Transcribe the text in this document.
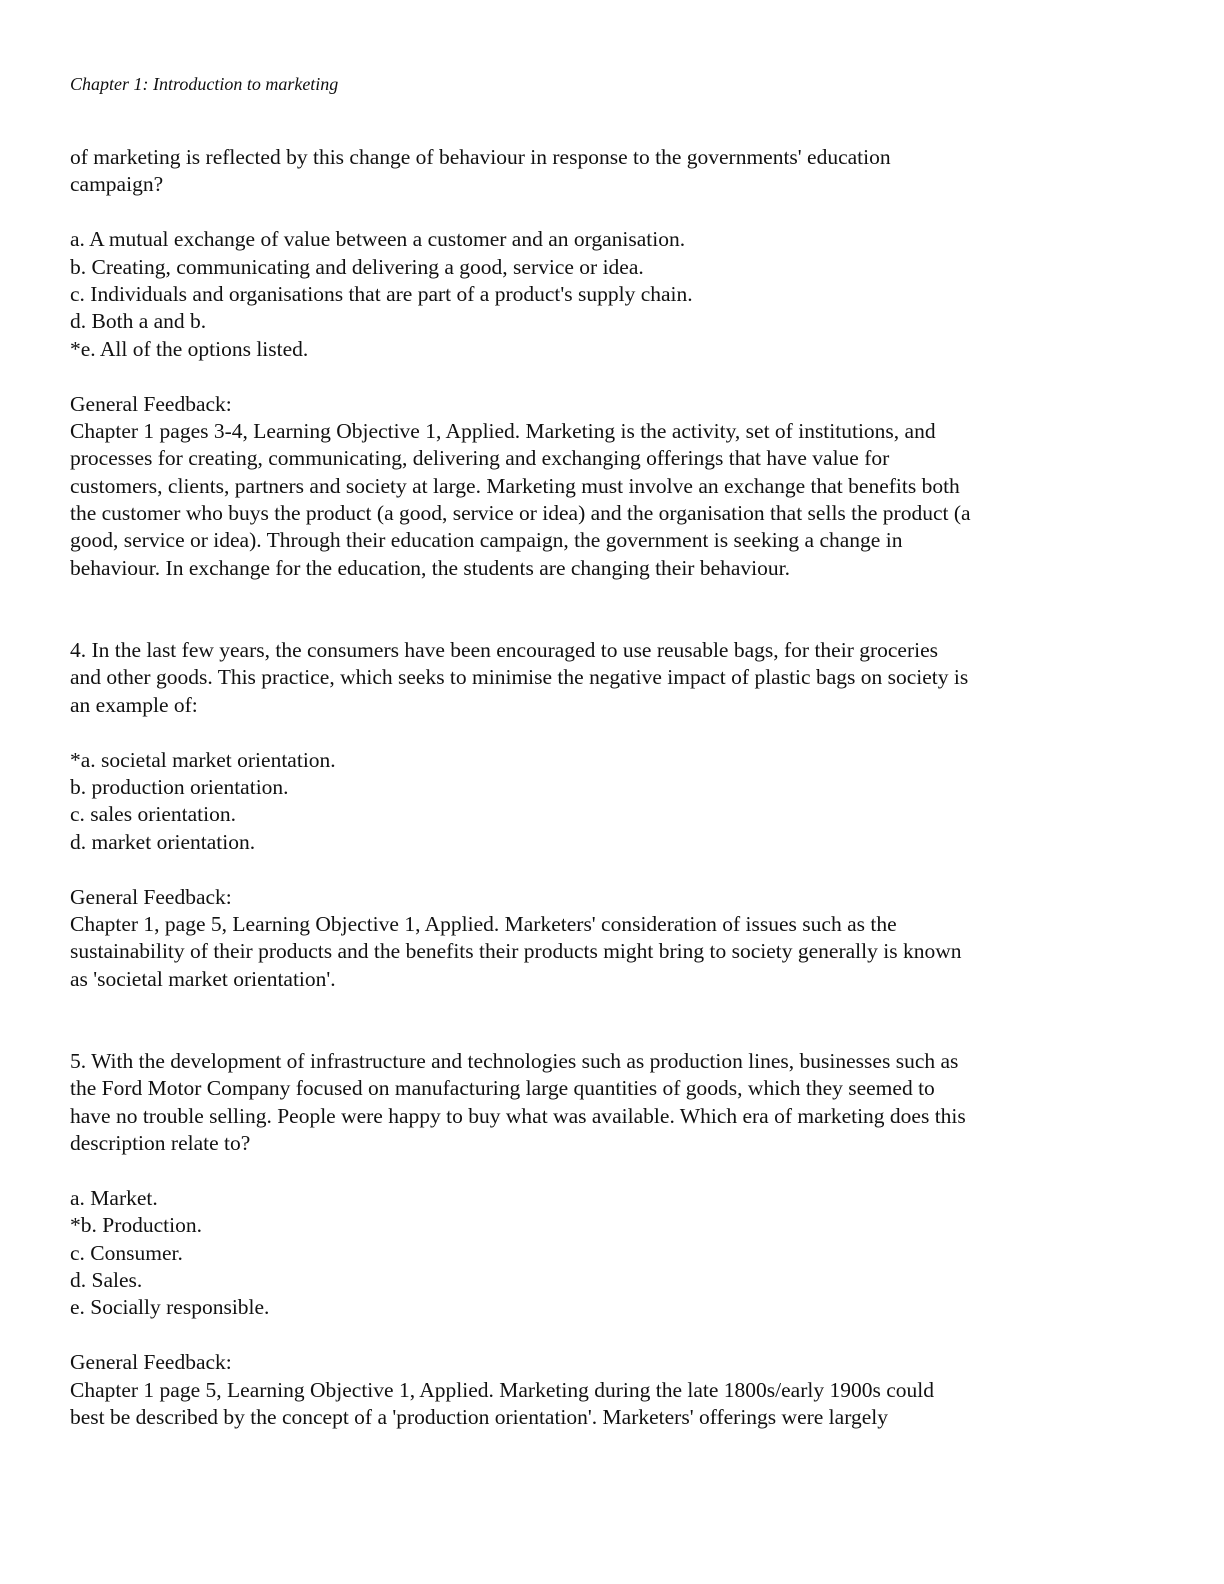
Chapter 1: Introduction to marketing
of marketing is reflected by this change of behaviour in response to the governments' education
campaign?
a. A mutual exchange of value between a customer and an organisation.
b. Creating, communicating and delivering a good, service or idea.
c. Individuals and organisations that are part of a product's supply chain.
d. Both a and b.
*e. All of the options listed.
General Feedback:
Chapter 1 pages 3-4, Learning Objective 1, Applied. Marketing is the activity, set of institutions, and
processes for creating, communicating, delivering and exchanging offerings that have value for
customers, clients, partners and society at large. Marketing must involve an exchange that benefits both
the customer who buys the product (a good, service or idea) and the organisation that sells the product (a
good, service or idea). Through their education campaign, the government is seeking a change in
behaviour. In exchange for the education, the students are changing their behaviour.
4. In the last few years, the consumers have been encouraged to use reusable bags, for their groceries
and other goods. This practice, which seeks to minimise the negative impact of plastic bags on society is
an example of:
*a. societal market orientation.
b. production orientation.
c. sales orientation.
d. market orientation.
General Feedback:
Chapter 1, page 5, Learning Objective 1, Applied. Marketers' consideration of issues such as the
sustainability of their products and the benefits their products might bring to society generally is known
as 'societal market orientation'.
5. With the development of infrastructure and technologies such as production lines, businesses such as
the Ford Motor Company focused on manufacturing large quantities of goods, which they seemed to
have no trouble selling. People were happy to buy what was available. Which era of marketing does this
description relate to?
a. Market.
*b. Production.
c. Consumer.
d. Sales.
e. Socially responsible.
General Feedback:
Chapter 1 page 5, Learning Objective 1, Applied. Marketing during the late 1800s/early 1900s could
best be described by the concept of a 'production orientation'. Marketers' offerings were largely
